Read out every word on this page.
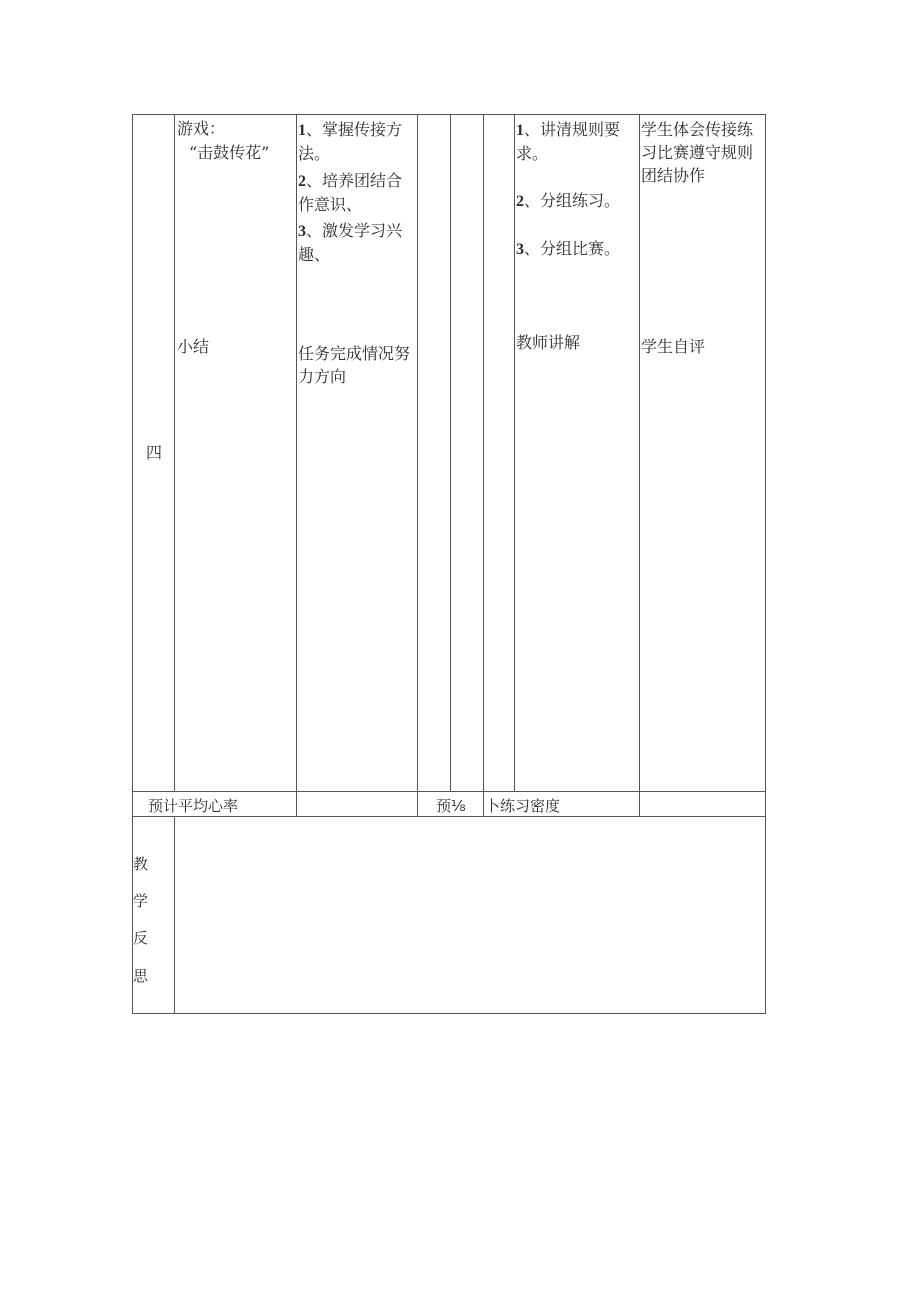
四
游戏：
“击鼓传花”
小结
1、掌握传接方法。
2、培养团结合作意识、
3、激发学习兴趣、
任务完成情况努力方向
1、讲清规则要求。
2、分组练习。
3、分组比赛。
教师讲解
学生体会传接练习比赛遵守规则团结协作
学生自评
预计平均心率	预⅛ 卜练习密度
教
学
反
思
